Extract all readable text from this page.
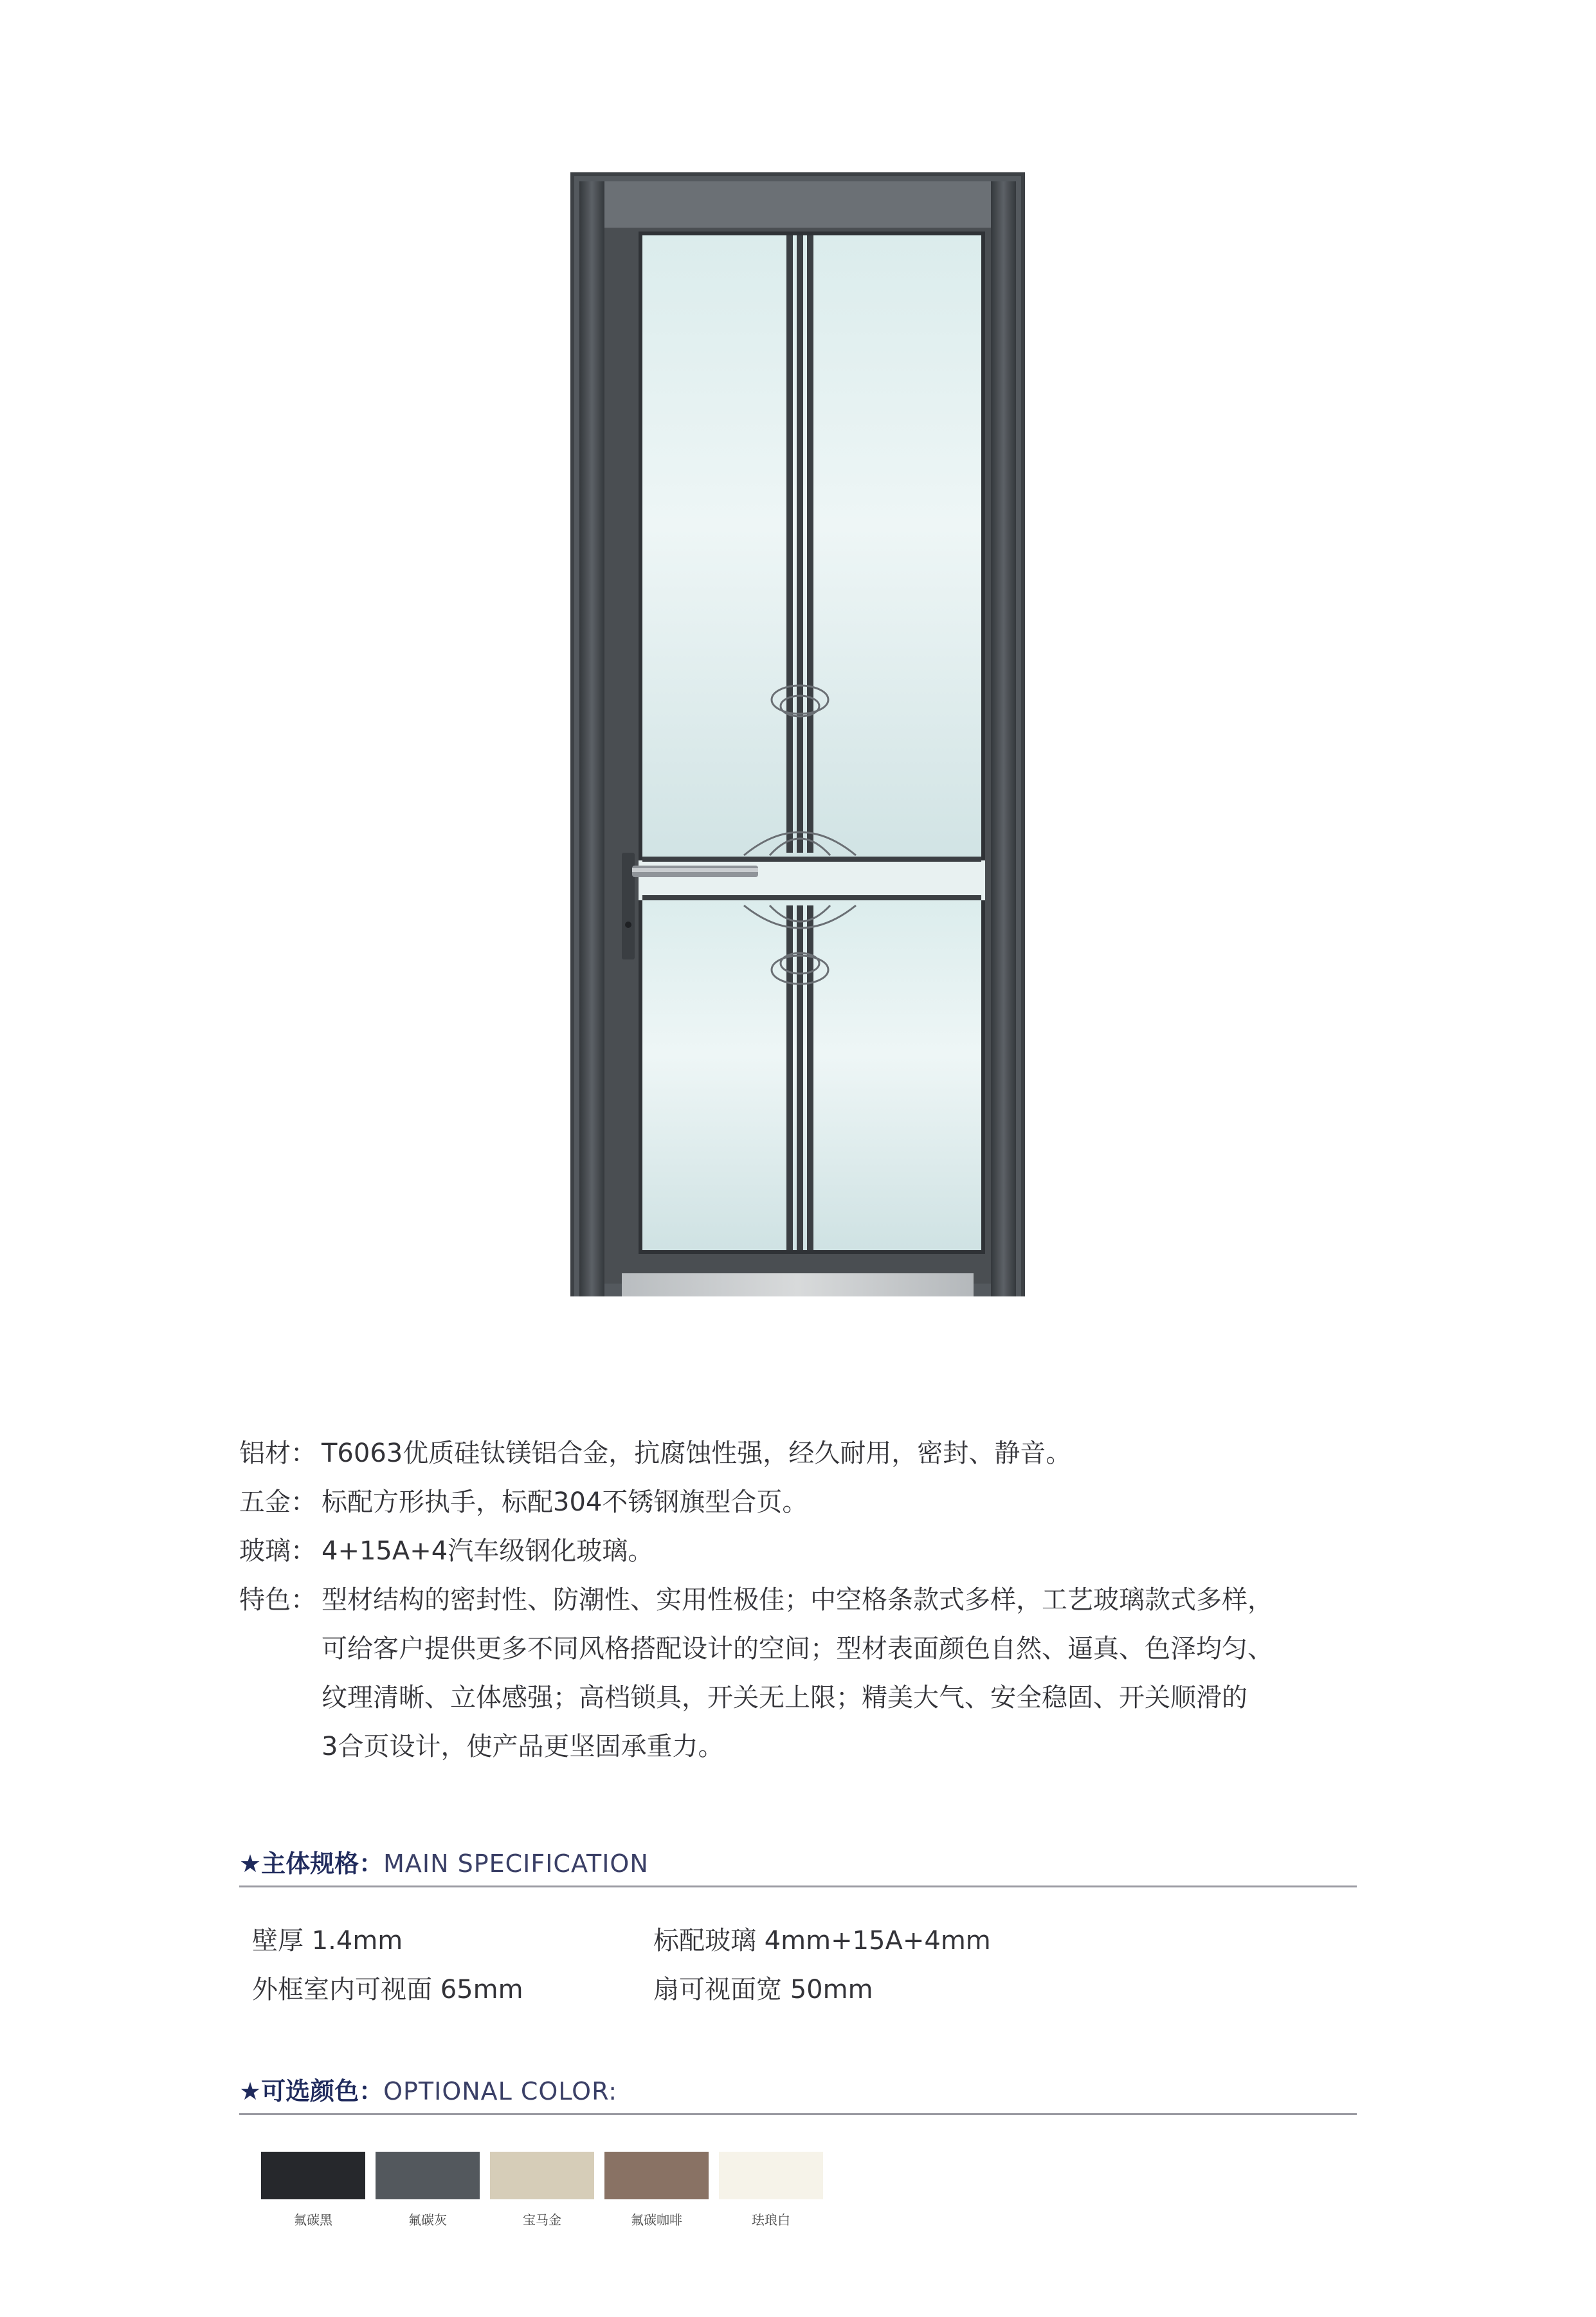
铝材： T6063优质硅钛镁铝合金，抗腐蚀性强，经久耐用，密封、静音。
五金： 标配方形执手，标配304不锈钢旗型合页。
玻璃： 4+15A+4汽车级钢化玻璃。
特色： 型材结构的密封性、防潮性、实用性极佳；中空格条款式多样，工艺玻璃款式多样，
可给客户提供更多不同风格搭配设计的空间；型材表面颜色自然、逼真、色泽均匀、
纹理清晰、立体感强；高档锁具，开关无上限；精美大气、安全稳固、开关顺滑的
3合页设计，使产品更坚固承重力。
★主体规格：MAIN SPECIFICATION
壁厚 1.4mm	标配玻璃 4mm+15A+4mm
外框室内可视面 65mm	扇可视面宽 50mm
★可选颜色：OPTIONAL COLOR:
氟碳黑	氟碳灰	宝马金	氟碳咖啡	珐琅白
